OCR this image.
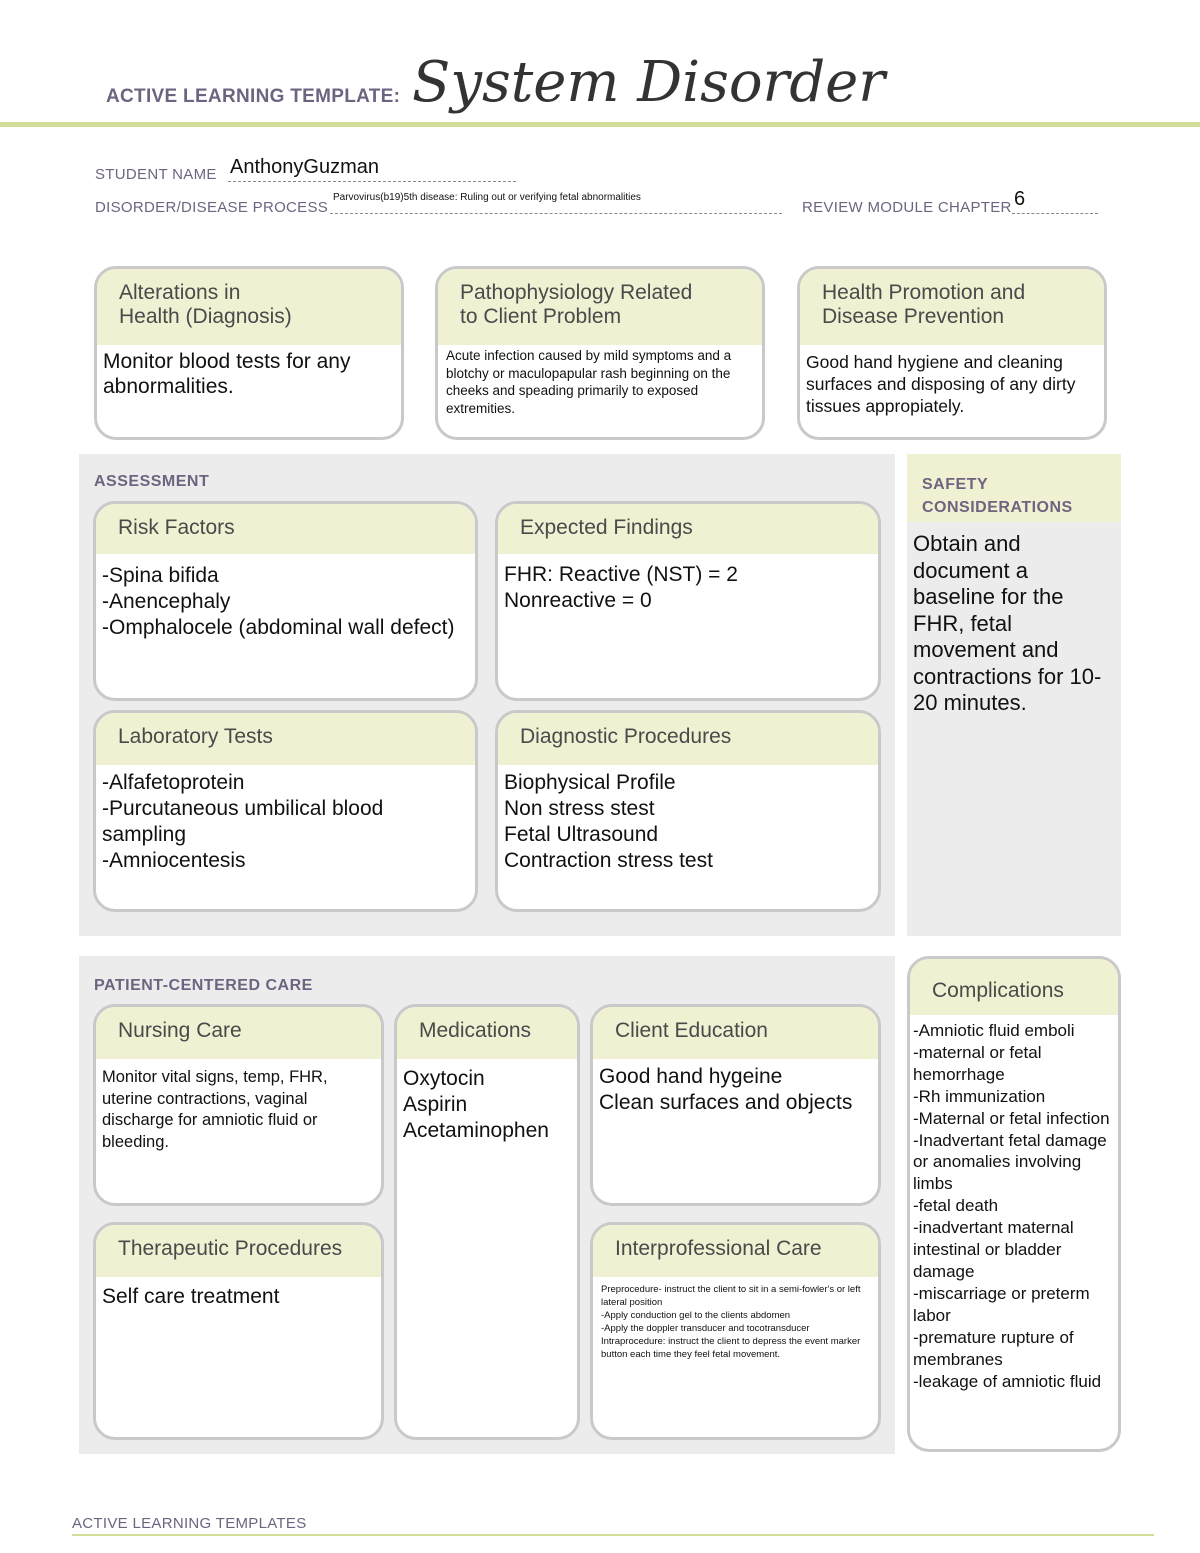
ACTIVE LEARNING TEMPLATE: System Disorder
STUDENT NAME AnthonyGuzman
DISORDER/DISEASE PROCESS
Parvovirus(b19)5th disease: Ruling out or verifying fetal abnormalities
REVIEW MODULE CHAPTER 6
Alterations in
Health (Diagnosis)
Monitor blood tests for any abnormalities.
Pathophysiology Related
to Client Problem
Acute infection caused by mild symptoms and a blotchy or maculopapular rash beginning on the cheeks and speading primarily to exposed extremities.
Health Promotion and
Disease Prevention
Good hand hygiene and cleaning surfaces and disposing of any dirty tissues appropiately.
ASSESSMENT
Risk Factors
-Spina bifida
-Anencephaly
-Omphalocele (abdominal wall defect)
Expected Findings
FHR: Reactive (NST) = 2
Nonreactive = 0
Laboratory Tests
-Alfafetoprotein
-Purcutaneous umbilical blood sampling
-Amniocentesis
Diagnostic Procedures
Biophysical Profile
Non stress stest
Fetal Ultrasound
Contraction stress test
SAFETY
CONSIDERATIONS
Obtain and document a baseline for the FHR, fetal movement and contractions for 10-20 minutes.
PATIENT-CENTERED CARE
Nursing Care
Monitor vital signs, temp, FHR, uterine contractions, vaginal discharge for amniotic fluid or bleeding.
Medications
Oxytocin
Aspirin
Acetaminophen
Client Education
Good hand hygeine
Clean surfaces and objects
Therapeutic Procedures
Self care treatment
Interprofessional Care
Preprocedure- instruct the client to sit in a semi-fowler's or left lateral position
-Apply conduction gel to the clients abdomen
-Apply the doppler transducer and tocotransducer
Intraprocedure: instruct the client to depress the event marker button each time they feel fetal movement.
Complications
-Amniotic fluid emboli
-maternal or fetal hemorrhage
-Rh immunization
-Maternal or fetal infection
-Inadvertant fetal damage or anomalies involving limbs
-fetal death
-inadvertant maternal intestinal or bladder damage
-miscarriage or preterm labor
-premature rupture of membranes
-leakage of amniotic fluid
ACTIVE LEARNING TEMPLATES
